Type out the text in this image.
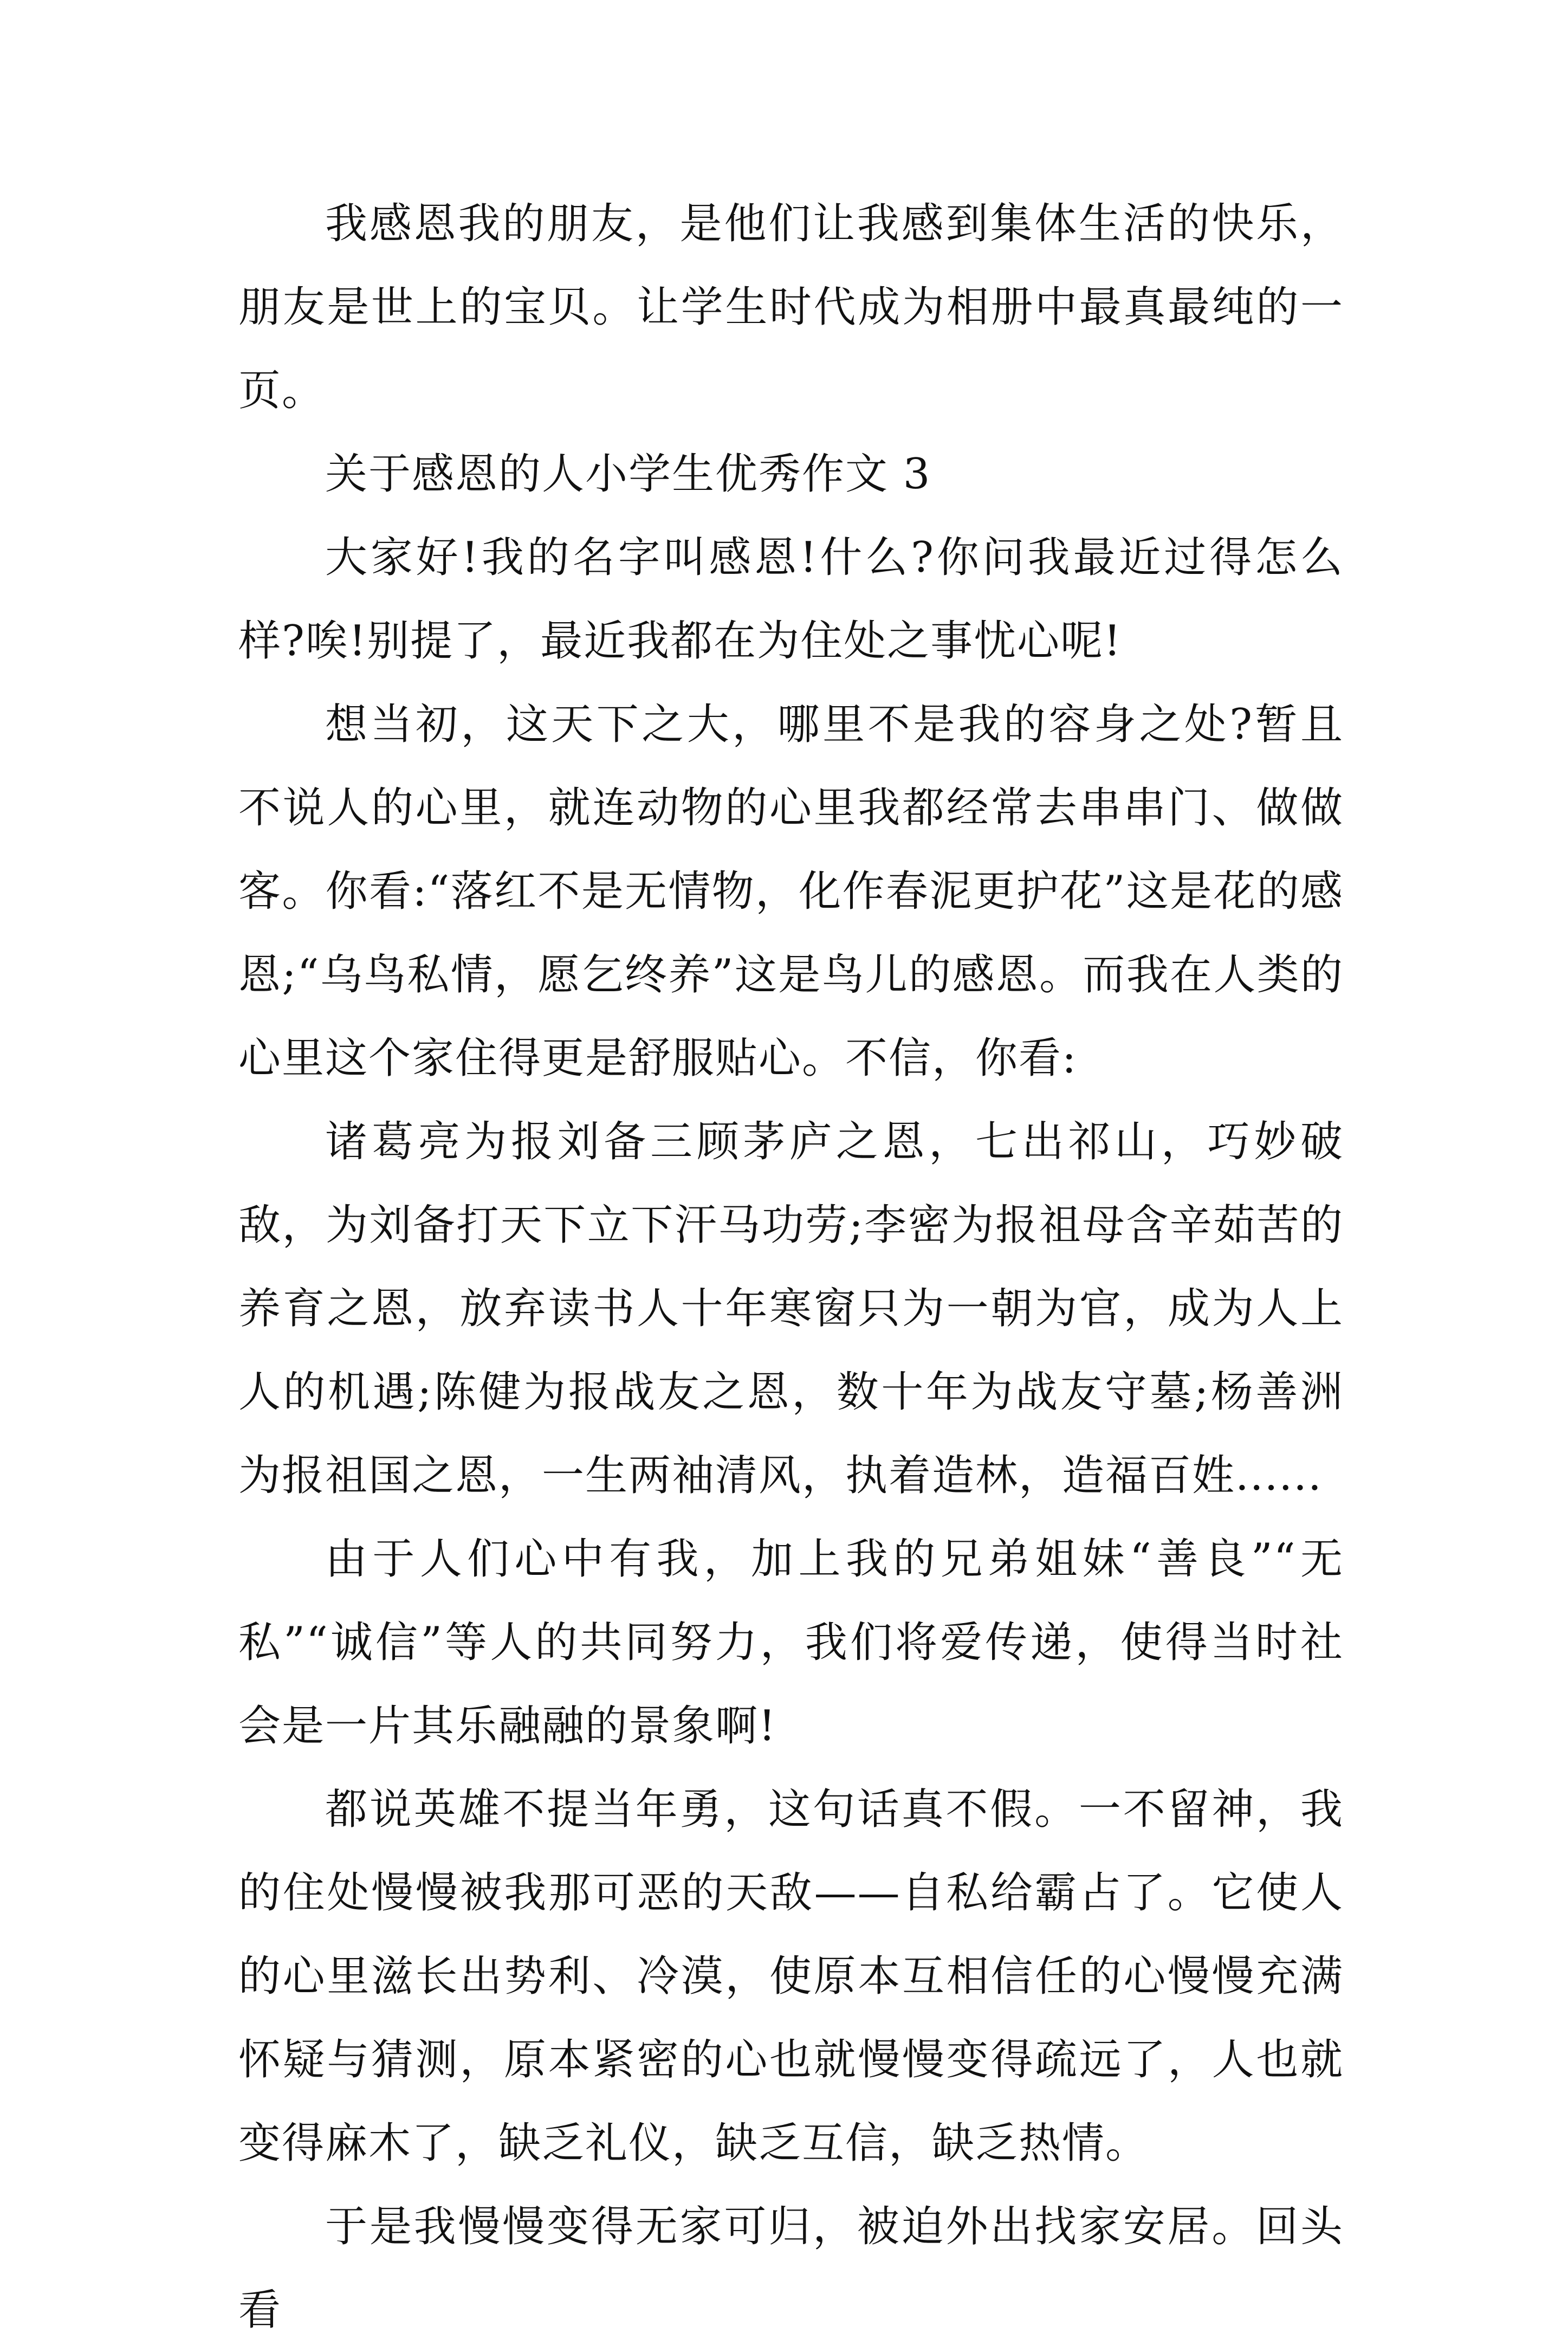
我感恩我的朋友，是他们让我感到集体生活的快乐，朋友是世上的宝贝。让学生时代成为相册中最真最纯的一页。

关于感恩的人小学生优秀作文 3

大家好!我的名字叫感恩!什么?你问我最近过得怎么样?唉!别提了，最近我都在为住处之事忧心呢!

想当初，这天下之大，哪里不是我的容身之处?暂且不说人的心里，就连动物的心里我都经常去串串门、做做客。你看:“落红不是无情物，化作春泥更护花”这是花的感恩;“乌鸟私情，愿乞终养”这是鸟儿的感恩。而我在人类的心里这个家住得更是舒服贴心。不信，你看:

诸葛亮为报刘备三顾茅庐之恩，七出祁山，巧妙破敌，为刘备打天下立下汗马功劳;李密为报祖母含辛茹苦的养育之恩，放弃读书人十年寒窗只为一朝为官，成为人上人的机遇;陈健为报战友之恩，数十年为战友守墓;杨善洲为报祖国之恩，一生两袖清风，执着造林，造福百姓......

由于人们心中有我，加上我的兄弟姐妹“善良”“无私”“诚信”等人的共同努力，我们将爱传递，使得当时社会是一片其乐融融的景象啊!

都说英雄不提当年勇，这句话真不假。一不留神，我的住处慢慢被我那可恶的天敌——自私给霸占了。它使人的心里滋长出势利、冷漠，使原本互相信任的心慢慢充满怀疑与猜测，原本紧密的心也就慢慢变得疏远了，人也就变得麻木了，缺乏礼仪，缺乏互信，缺乏热情。

于是我慢慢变得无家可归，被迫外出找家安居。回头看
